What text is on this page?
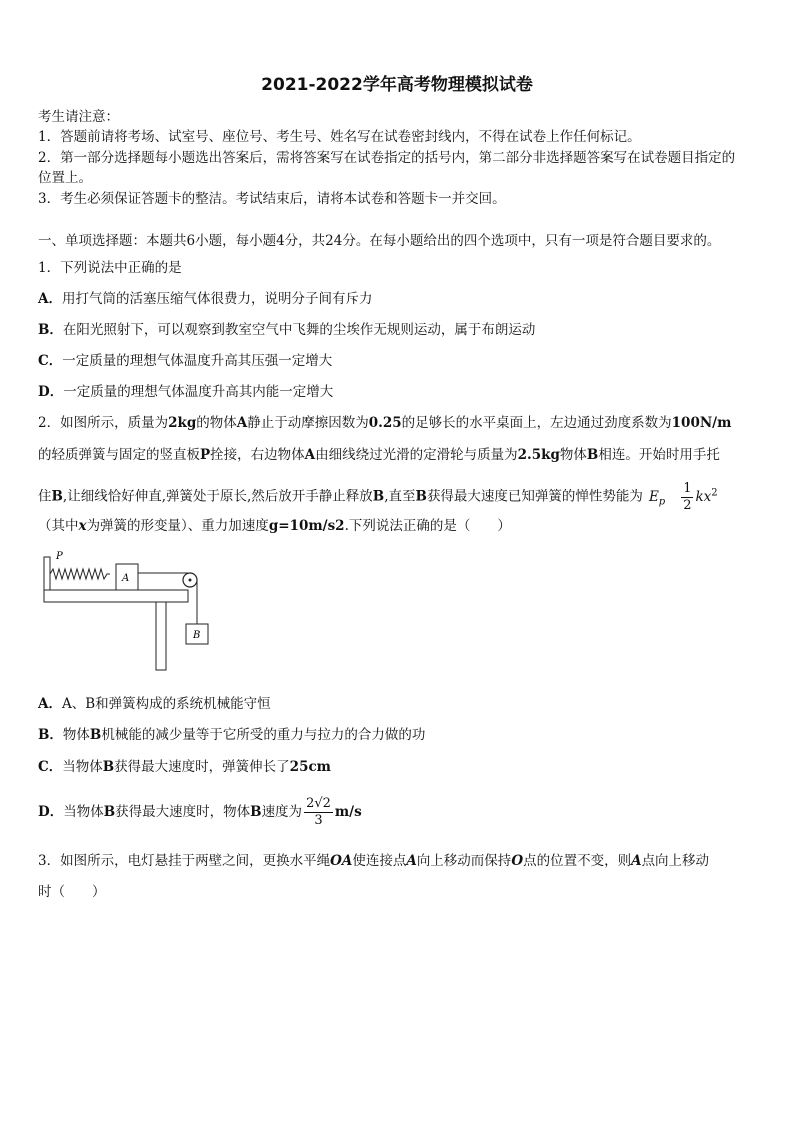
2021-2022学年高考物理模拟试卷
考生请注意：
1．答题前请将考场、试室号、座位号、考生号、姓名写在试卷密封线内，不得在试卷上作任何标记。
2．第一部分选择题每小题选出答案后，需将答案写在试卷指定的括号内，第二部分非选择题答案写在试卷题目指定的
位置上。
3．考生必须保证答题卡的整洁。考试结束后，请将本试卷和答题卡一并交回。
一、单项选择题：本题共6小题，每小题4分，共24分。在每小题给出的四个选项中，只有一项是符合题目要求的。
1．下列说法中正确的是
A．用打气筒的活塞压缩气体很费力，说明分子间有斥力
B．在阳光照射下，可以观察到教室空气中飞舞的尘埃作无规则运动，属于布朗运动
C．一定质量的理想气体温度升高其压强一定增大
D．一定质量的理想气体温度升高其内能一定增大
2．如图所示，质量为2kg的物体A静止于动摩擦因数为0.25的足够长的水平桌面上，左边通过劲度系数为100N/m
的轻质弹簧与固定的竖直板P拴接，右边物体A由细线绕过光滑的定滑轮与质量为2.5kg物体B相连。开始时用手托
住B,让细线恰好伸直,弹簧处于原长,然后放开手静止释放B,直至B获得最大速度已知弹簧的惮性势能为 $E_p \frac{1}{2} kx^2$
（其中x为弹簧的形变量）、重力加速度g=10m/s2.下列说法正确的是（　　）
P
A
B
A．A、B和弹簧构成的系统机械能守恒
B．物体B机械能的减少量等于它所受的重力与拉力的合力做的功
C．当物体B获得最大速度时，弹簧伸长了25cm
D．当物体B获得最大速度时，物体B速度为 $\frac{2√2}{3} m/s$
3．如图所示，电灯悬挂于两壁之间，更换水平绳OA使连接点A向上移动而保持O点的位置不变，则A点向上移动
时（　　）
